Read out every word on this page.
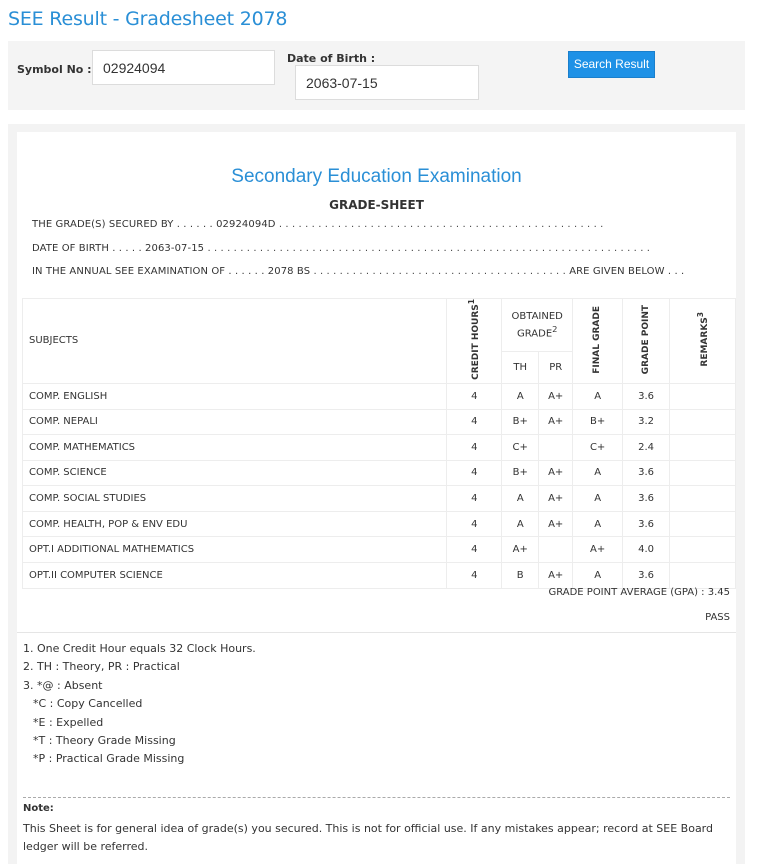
SEE Result - Gradesheet 2078
Symbol No :
02924094
Date of Birth :
2063-07-15	Search Result
Secondary Education Examination
GRADE-SHEET
THE GRADE(S) SECURED BY . . . . . . 02924094D . . . . . . . . . . . . . . . . . . . . . . . . . . . . . . . . . . . . . . . . . . . . . . . . . .
DATE OF BIRTH . . . . . 2063-07-15 . . . . . . . . . . . . . . . . . . . . . . . . . . . . . . . . . . . . . . . . . . . . . . . . . . . . . . . . . . . . . . . . . . . .
IN THE ANNUAL SEE EXAMINATION OF . . . . . . 2078 BS . . . . . . . . . . . . . . . . . . . . . . . . . . . . . . . . . . . . . . . ARE GIVEN BELOW . . .
SUBJECTS	CREDIT HOURS$^1$	OBTAINED GRADE$^2$		FINAL GRADE	GRADE POINT	REMARKS$^3$
		TH	PR			
COMP. ENGLISH	4	A	A+	A	3.6	
COMP. NEPALI	4	B+	A+	B+	3.2	
COMP. MATHEMATICS	4	C+		C+	2.4	
COMP. SCIENCE	4	B+	A+	A	3.6	
COMP. SOCIAL STUDIES	4	A	A+	A	3.6	
COMP. HEALTH, POP & ENV EDU	4	A	A+	A	3.6	
OPT.I ADDITIONAL MATHEMATICS	4	A+		A+	4.0	
OPT.II COMPUTER SCIENCE	4	B	A+	A	3.6	
GRADE POINT AVERAGE (GPA) : 3.45
PASS
1. One Credit Hour equals 32 Clock Hours.
2. TH : Theory, PR : Practical
3. *@ : Absent
*C : Copy Cancelled
*E : Expelled
*T : Theory Grade Missing
*P : Practical Grade Missing
Note:
This Sheet is for general idea of grade(s) you secured. This is not for official use. If any mistakes appear; record at SEE Board ledger will be referred.
